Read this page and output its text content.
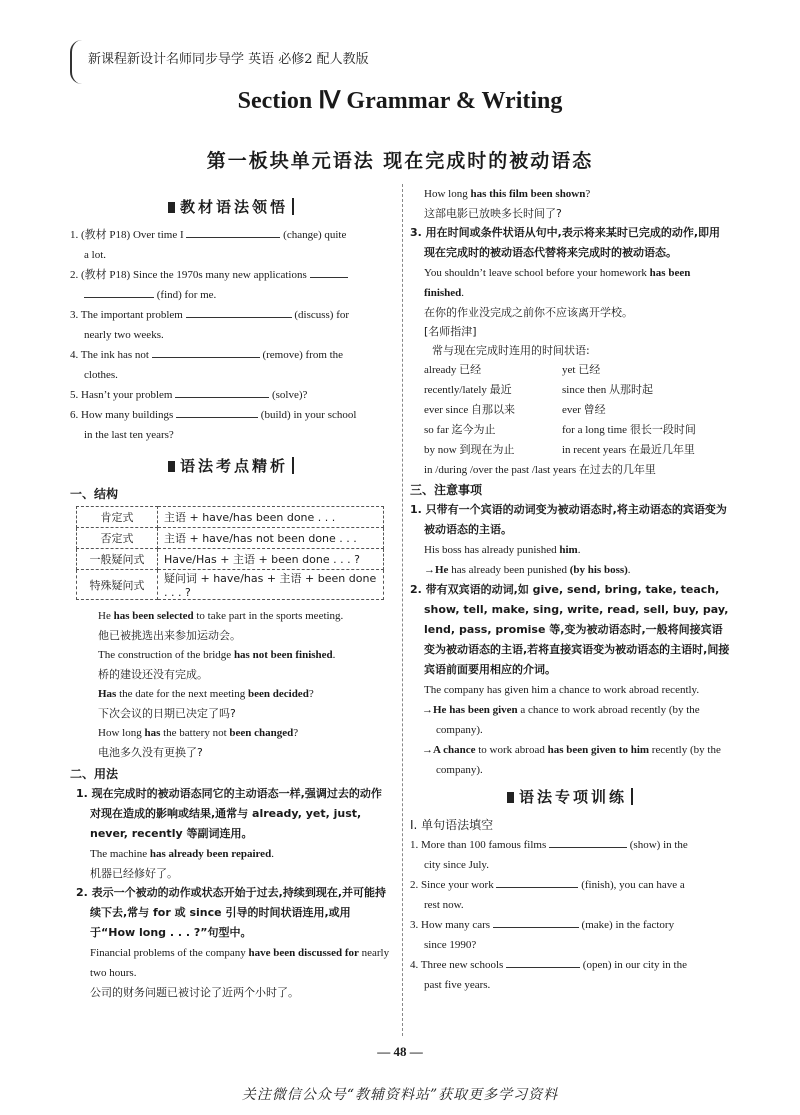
新课程新设计名师同步导学 英语 必修2 配人教版
Section Ⅳ Grammar & Writing
第一板块单元语法 现在完成时的被动语态
教材语法领悟

1. (教材 P18) Over time I	(change) quite
a lot.

2. (教材 P18) Since the 1970s many new applications
(find) for me.

3. The important problem	(discuss) for
nearly two weeks.

4. The ink has not	(remove) from the
clothes.

5. Hasn’t your problem	(solve)?

6. How many buildings	(build) in your school
in the last ten years?

语法考点精析

一、结构

肯定式	主语 + have/has been done . . .
否定式	主语 + have/has not been done . . .
一般疑问式	Have/Has + 主语 + been done . . . ?
特殊疑问式	疑问词 + have/has + 主语 + been done . . . ?

He has been selected to take part in the sports meeting.

他已被挑选出来参加运动会。

The construction of the bridge has not been finished.

桥的建设还没有完成。

Has the date for the next meeting been decided?

下次会议的日期已决定了吗?

How long has the battery not been changed?

电池多久没有更换了?

二、用法

1. 现在完成时的被动语态同它的主动语态一样,强调过去的动作对现在造成的影响或结果,通常与 already, yet, just, never, recently 等副词连用。

The machine has already been repaired.

机器已经修好了。

2. 表示一个被动的动作或状态开始于过去,持续到现在,并可能持续下去,常与 for 或 since 引导的时间状语连用,或用于“How long . . . ?”句型中。

Financial problems of the company have been discussed for nearly two hours.

公司的财务问题已被讨论了近两个小时了。

How long has this film been shown?

这部电影已放映多长时间了?

3. 用在时间或条件状语从句中,表示将来某时已完成的动作,即用现在完成时的被动语态代替将来完成时的被动语态。

You shouldn’t leave school before your homework has been finished.

在你的作业没完成之前你不应该离开学校。

[名师指津]

常与现在完成时连用的时间状语:

already 已经	yet 已经
recently/lately 最近	since then 从那时起
ever since 自那以来	ever 曾经
so far 迄今为止	for a long time 很长一段时间
by now 到现在为止	in recent years 在最近几年里

in /during /over the past /last years 在过去的几年里

三、注意事项

1. 只带有一个宾语的动词变为被动语态时,将主动语态的宾语变为被动语态的主语。

His boss has already punished him.

→He has already been punished (by his boss).

2. 带有双宾语的动词,如 give, send, bring, take, teach, show, tell, make, sing, write, read, sell, buy, pay, lend, pass, promise 等,变为被动语态时,一般将间接宾语变为被动语态的主语,若将直接宾语变为被动语态的主语时,间接宾语前面要用相应的介词。

The company has given him a chance to work abroad recently.

→He has been given a chance to work abroad recently (by the company).

→A chance to work abroad has been given to him recently (by the company).

语法专项训练

Ⅰ. 单句语法填空

1. More than 100 famous films	(show) in the
city since July.

2. Since your work	(finish), you can have a
rest now.

3. How many cars	(make) in the factory
since 1990?

4. Three new schools	(open) in our city in the
past five years.

— 48 —
关注微信公众号“教辅资料站”获取更多学习资料
